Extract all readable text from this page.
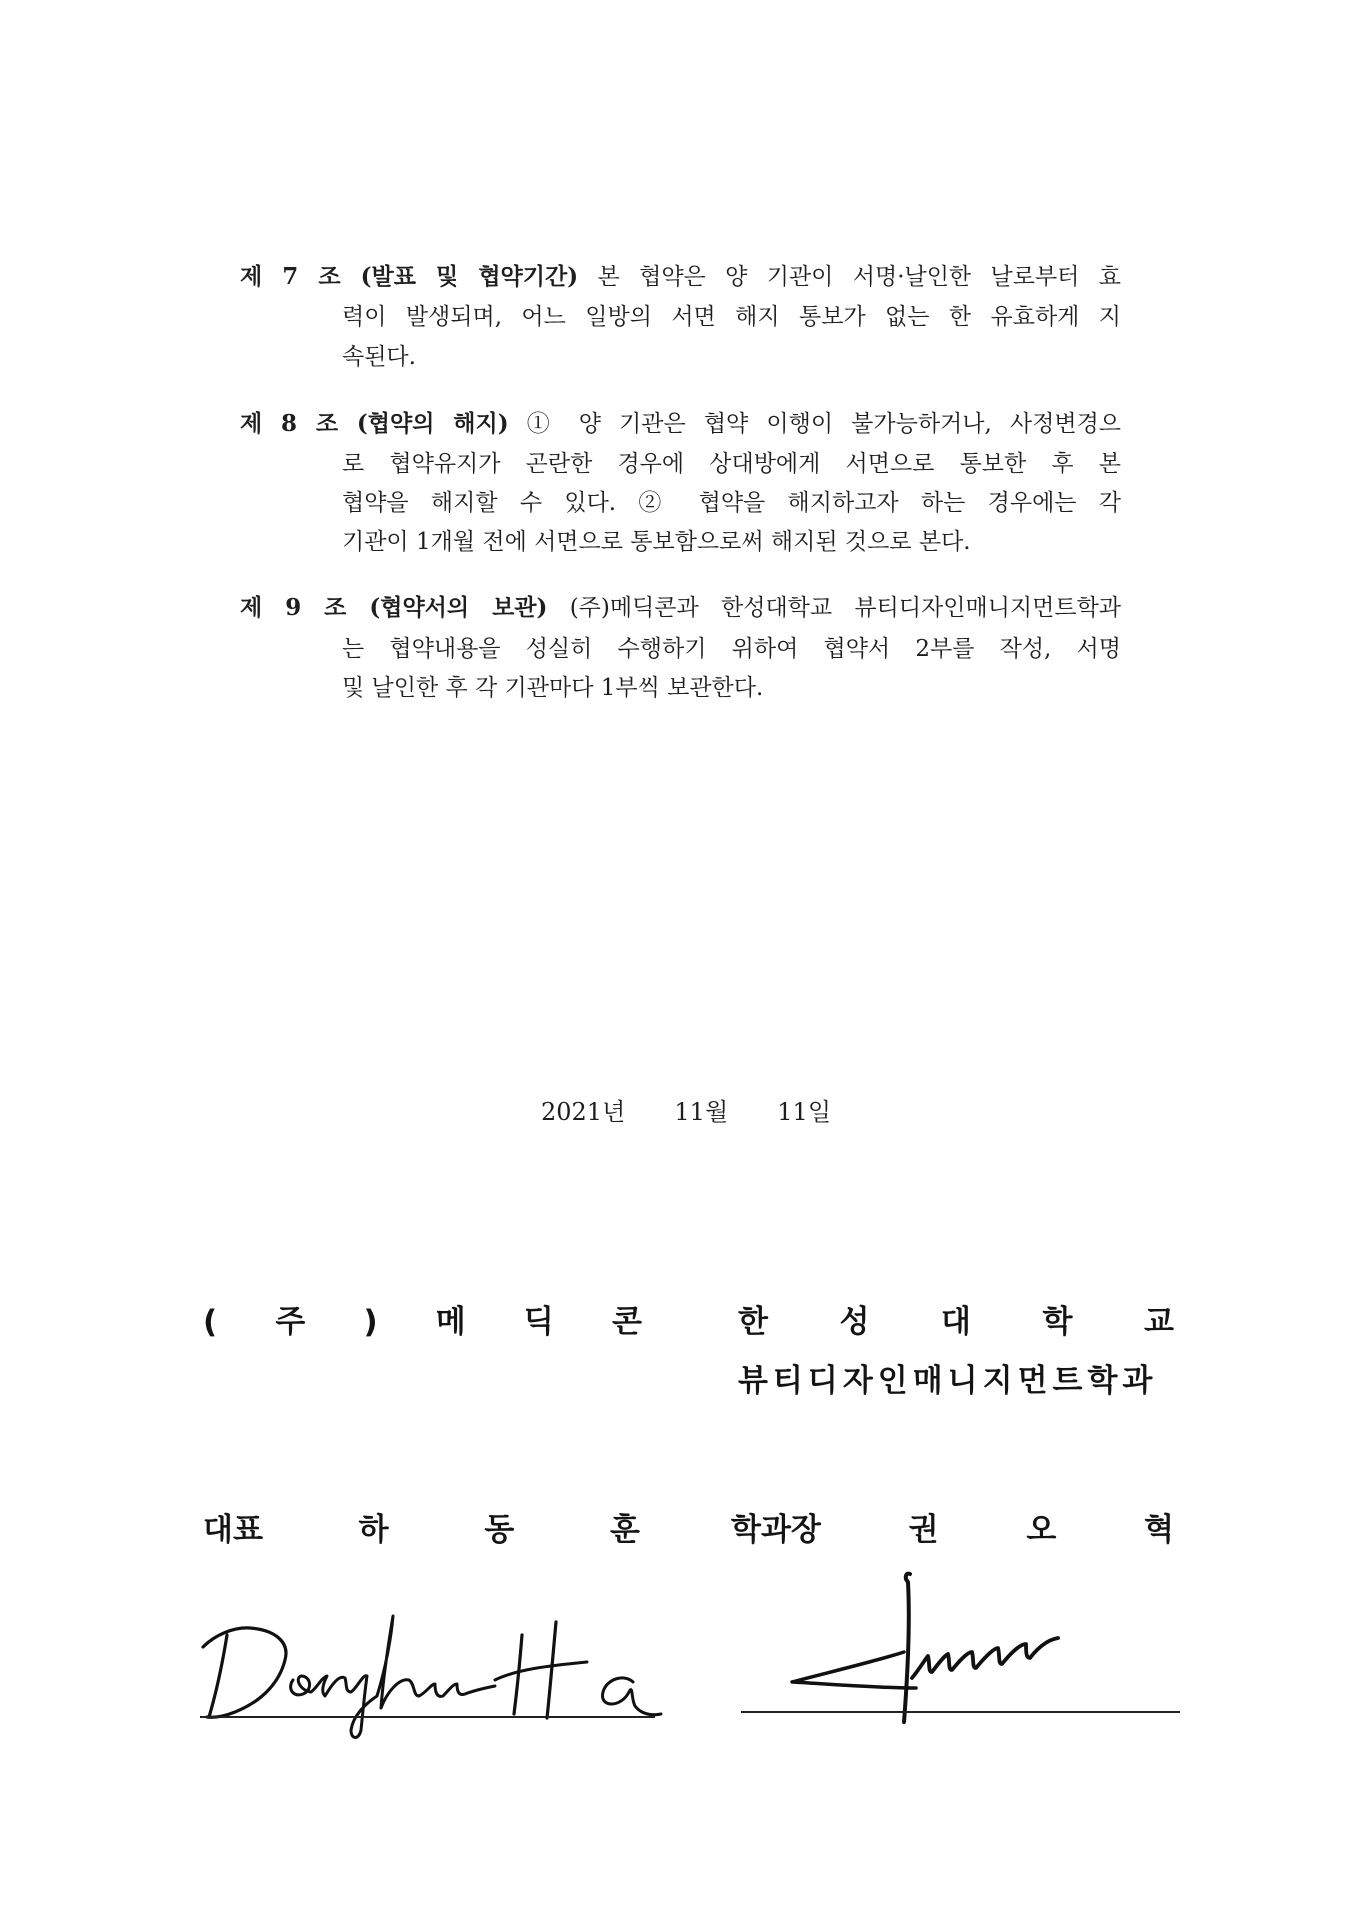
제 7 조 (발표 및 협약기간) 본 협약은 양 기관이 서명·날인한 날로부터 효
력이 발생되며, 어느 일방의 서면 해지 통보가 없는 한 유효하게 지
속된다.
제 8 조 (협약의 해지) ① 양 기관은 협약 이행이 불가능하거나, 사정변경으
로 협약유지가 곤란한 경우에 상대방에게 서면으로 통보한 후 본
협약을 해지할 수 있다. ② 협약을 해지하고자 하는 경우에는 각
기관이 1개월 전에 서면으로 통보함으로써 해지된 것으로 본다.
제 9 조 (협약서의 보관) (주)메딕콘과 한성대학교 뷰티디자인매니지먼트학과
는 협약내용을 성실히 수행하기 위하여 협약서 2부를 작성, 서명
및 날인한 후 각 기관마다 1부씩 보관한다.
2021년 11월 11일
( 주 ) 메 딕 콘	한 성 대 학 교
뷰티디자인매니지먼트학과
대표 하 동 훈	학과장 권 오 혁
